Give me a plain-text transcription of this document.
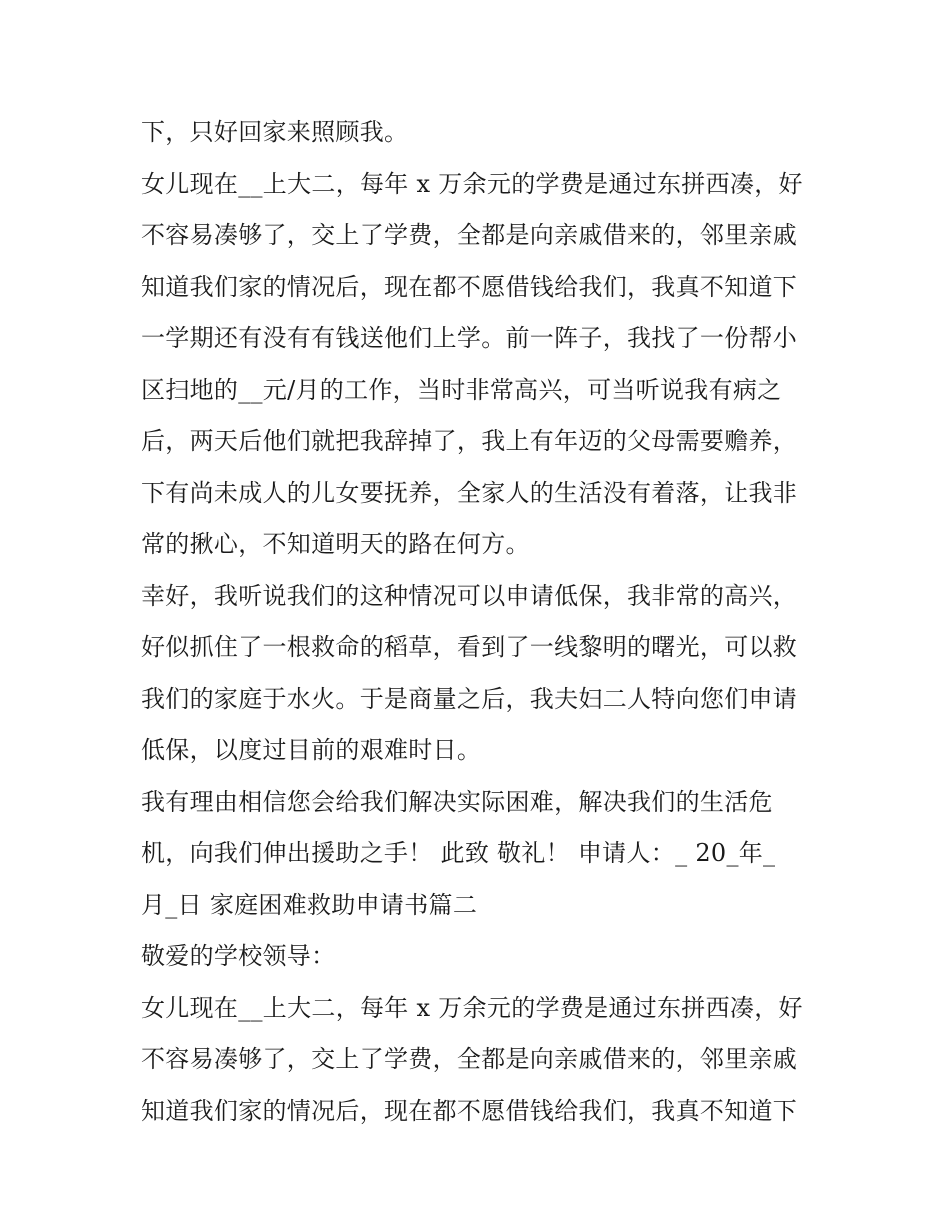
下，只好回家来照顾我。
女儿现在__上大二，每年 x 万余元的学费是通过东拼西凑，好
不容易凑够了，交上了学费，全都是向亲戚借来的，邻里亲戚
知道我们家的情况后，现在都不愿借钱给我们，我真不知道下
一学期还有没有有钱送他们上学。前一阵子，我找了一份帮小
区扫地的__元/月的工作，当时非常高兴，可当听说我有病之
后，两天后他们就把我辞掉了，我上有年迈的父母需要赡养，
下有尚未成人的儿女要抚养，全家人的生活没有着落，让我非
常的揪心，不知道明天的路在何方。
幸好，我听说我们的这种情况可以申请低保，我非常的高兴，
好似抓住了一根救命的稻草，看到了一线黎明的曙光，可以救
我们的家庭于水火。于是商量之后，我夫妇二人特向您们申请
低保，以度过目前的艰难时日。
我有理由相信您会给我们解决实际困难，解决我们的生活危
机，向我们伸出援助之手！ 此致 敬礼！ 申请人：_ 20_年_
月_日 家庭困难救助申请书篇二
敬爱的学校领导：
女儿现在__上大二，每年 x 万余元的学费是通过东拼西凑，好
不容易凑够了，交上了学费，全都是向亲戚借来的，邻里亲戚
知道我们家的情况后，现在都不愿借钱给我们，我真不知道下
